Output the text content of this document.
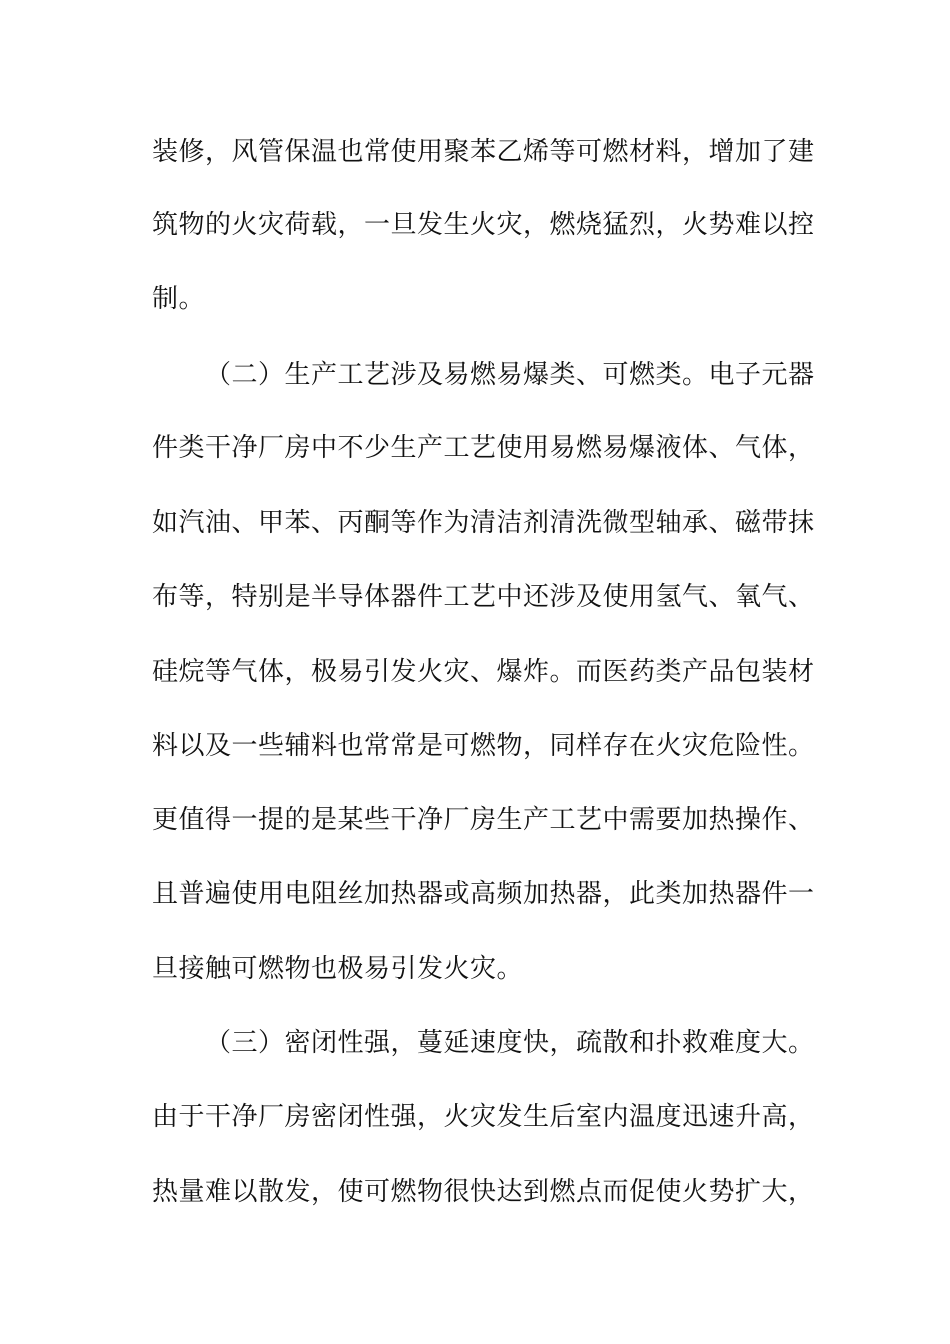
装修，风管保温也常使用聚苯乙烯等可燃材料，增加了建
筑物的火灾荷载，一旦发生火灾，燃烧猛烈，火势难以控
制。
（二）生产工艺涉及易燃易爆类、可燃类。电子元器
件类干净厂房中不少生产工艺使用易燃易爆液体、气体，
如汽油、甲苯、丙酮等作为清洁剂清洗微型轴承、磁带抹
布等，特别是半导体器件工艺中还涉及使用氢气、氧气、
硅烷等气体，极易引发火灾、爆炸。而医药类产品包装材
料以及一些辅料也常常是可燃物，同样存在火灾危险性。
更值得一提的是某些干净厂房生产工艺中需要加热操作、
且普遍使用电阻丝加热器或高频加热器，此类加热器件一
旦接触可燃物也极易引发火灾。
（三）密闭性强，蔓延速度快，疏散和扑救难度大。
由于干净厂房密闭性强，火灾发生后室内温度迅速升高，
热量难以散发，使可燃物很快达到燃点而促使火势扩大，
